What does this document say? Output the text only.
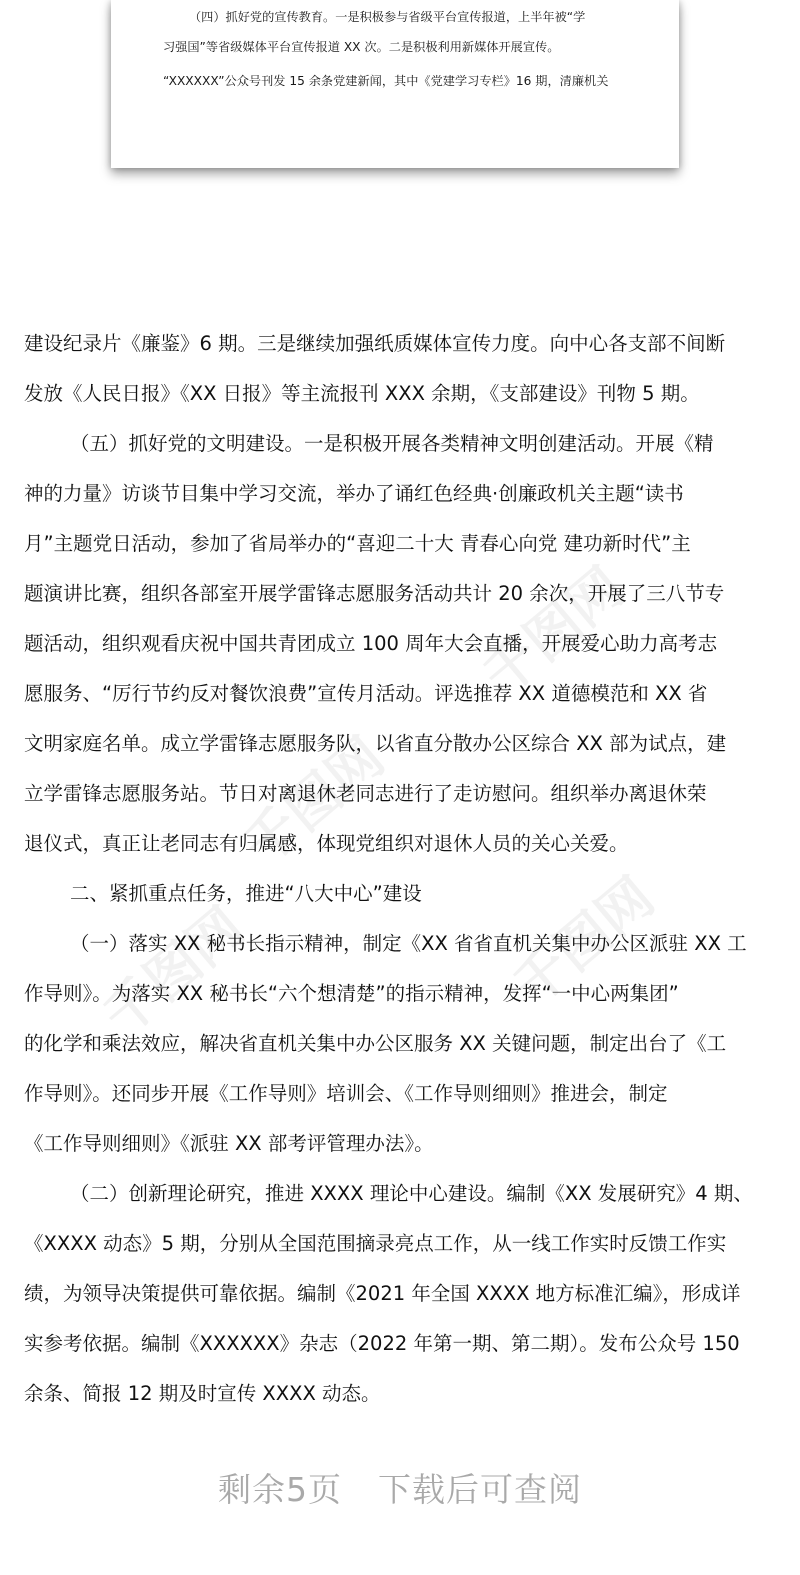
千图网
千图网
千图网
千图网
（四）抓好党的宣传教育。一是积极参与省级平台宣传报道，上半年被“学
习强国”等省级媒体平台宣传报道 XX 次。二是积极利用新媒体开展宣传。
“XXXXXX”公众号刊发 15 余条党建新闻，其中《党建学习专栏》16 期，清廉机关
建设纪录片《廉鉴》6 期。三是继续加强纸质媒体宣传力度。向中心各支部不间断
发放《人民日报》《XX 日报》等主流报刊 XXX 余期，《支部建设》刊物 5 期。
（五）抓好党的文明建设。一是积极开展各类精神文明创建活动。开展《精
神的力量》访谈节目集中学习交流，举办了诵红色经典·创廉政机关主题“读书
月”主题党日活动，参加了省局举办的“喜迎二十大 青春心向党 建功新时代”主
题演讲比赛，组织各部室开展学雷锋志愿服务活动共计 20 余次，开展了三八节专
题活动，组织观看庆祝中国共青团成立 100 周年大会直播，开展爱心助力高考志
愿服务、“厉行节约反对餐饮浪费”宣传月活动。评选推荐 XX 道德模范和 XX 省
文明家庭名单。成立学雷锋志愿服务队，以省直分散办公区综合 XX 部为试点，建
立学雷锋志愿服务站。节日对离退休老同志进行了走访慰问。组织举办离退休荣
退仪式，真正让老同志有归属感，体现党组织对退休人员的关心关爱。
二、紧抓重点任务，推进“八大中心”建设
（一）落实 XX 秘书长指示精神，制定《XX 省省直机关集中办公区派驻 XX 工
作导则》。为落实 XX 秘书长“六个想清楚”的指示精神，发挥“一中心两集团”
的化学和乘法效应，解决省直机关集中办公区服务 XX 关键问题，制定出台了《工
作导则》。还同步开展《工作导则》培训会、《工作导则细则》推进会，制定
《工作导则细则》《派驻 XX 部考评管理办法》。
（二）创新理论研究，推进 XXXX 理论中心建设。编制《XX 发展研究》4 期、
《XXXX 动态》5 期，分别从全国范围摘录亮点工作，从一线工作实时反馈工作实
绩，为领导决策提供可靠依据。编制《2021 年全国 XXXX 地方标准汇编》，形成详
实参考依据。编制《XXXXXX》杂志（2022 年第一期、第二期）。发布公众号 150
余条、简报 12 期及时宣传 XXXX 动态。
剩余5页 下载后可查阅
